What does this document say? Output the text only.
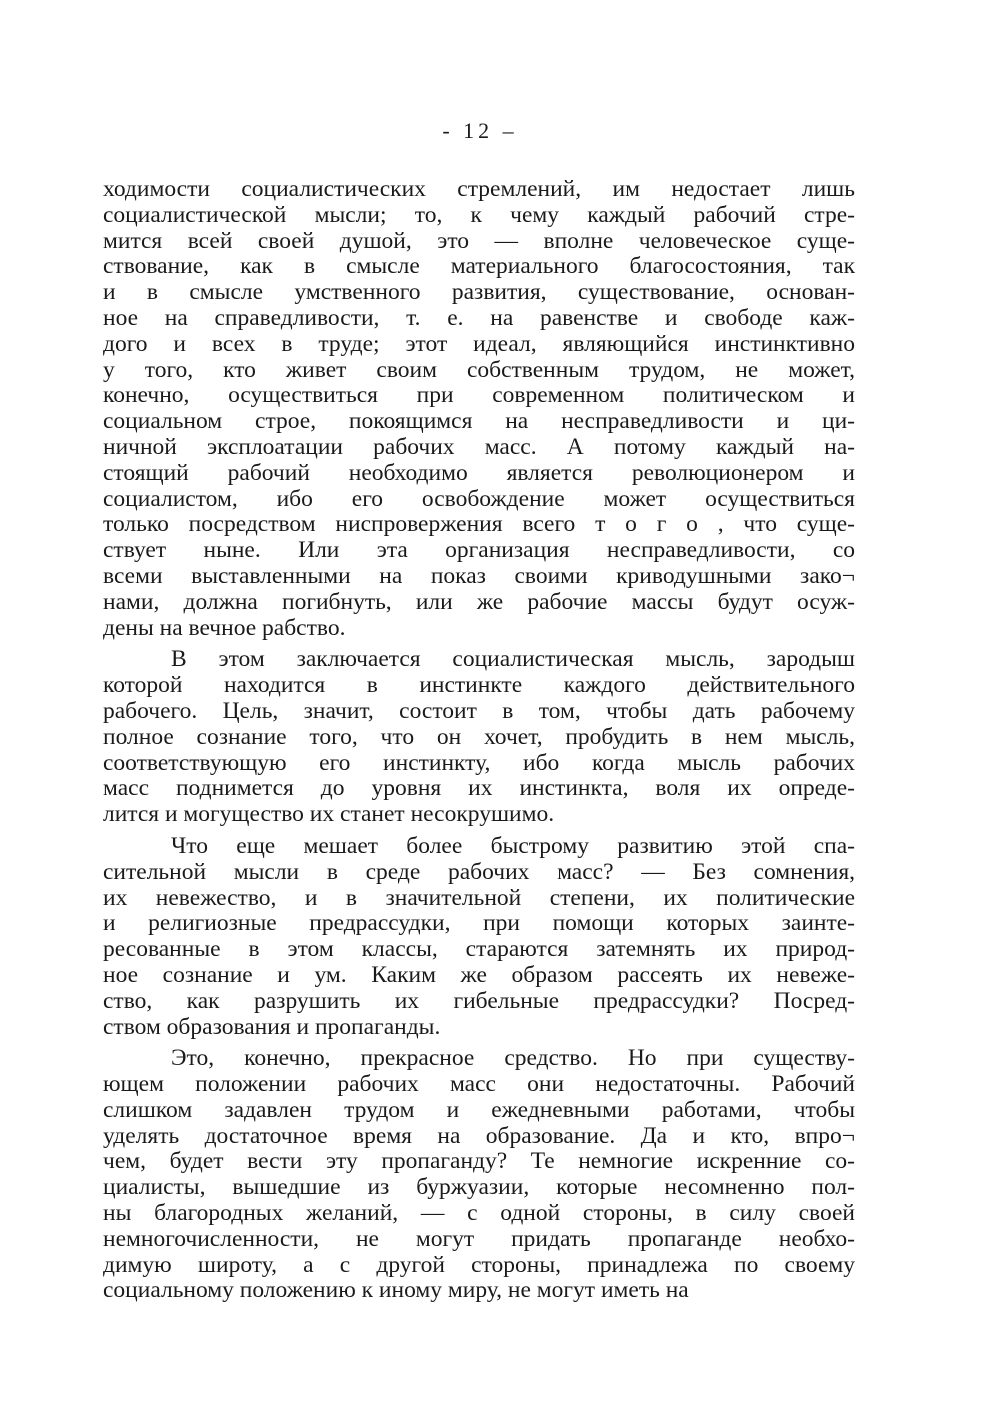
- 12 –
ходимости социалистических стремлений, им недостает лишь
социалистической мысли; то, к чему каждый рабочий стре-
мится всей своей душой, это — вполне человеческое суще-
ствование, как в смысле материального благосостояния, так
и в смысле умственного развития, существование, основан-
ное на справедливости, т. е. на равенстве и свободе каж-
дого и всех в труде; этот идеал, являющийся инстинктивно
у того, кто живет своим собственным трудом, не может,
конечно, осуществиться при современном политическом и
социальном строе, покоящимся на несправедливости и ци-
ничной эксплоатации рабочих масс. А потому каждый на-
стоящий рабочий необходимо является революционером и
социалистом, ибо его освобождение может осуществиться
только посредством ниспровержения всего т о г о , что суще-
ствует ныне. Или эта организация несправедливости, со
всеми выставленными на показ своими криводушными зако¬
нами, должна погибнуть, или же рабочие массы будут осуж-
дены на вечное рабство.
В этом заключается социалистическая мысль, зародыш
которой находится в инстинкте каждого действительного
рабочего. Цель, значит, состоит в том, чтобы дать рабочему
полное сознание того, что он хочет, пробудить в нем мысль,
соответствующую его инстинкту, ибо когда мысль рабочих
масс поднимется до уровня их инстинкта, воля их опреде-
лится и могущество их станет несокрушимо.
Что еще мешает более быстрому развитию этой спа-
сительной мысли в среде рабочих масс? — Без сомнения,
их невежество, и в значительной степени, их политические
и религиозные предрассудки, при помощи которых заинте-
ресованные в этом классы, стараются затемнять их природ-
ное сознание и ум. Каким же образом рассеять их невеже-
ство, как разрушить их гибельные предрассудки? Посред-
ством образования и пропаганды.
Это, конечно, прекрасное средство. Но при существу-
ющем положении рабочих масс они недостаточны. Рабочий
слишком задавлен трудом и ежедневными работами, чтобы
уделять достаточное время на образование. Да и кто, впро¬
чем, будет вести эту пропаганду? Те немногие искренние со-
циалисты, вышедшие из буржуазии, которые несомненно пол-
ны благородных желаний, — с одной стороны, в силу своей
немногочисленности, не могут придать пропаганде необхо-
димую широту, а с другой стороны, принадлежа по своему
социальному положению к иному миру, не могут иметь на
